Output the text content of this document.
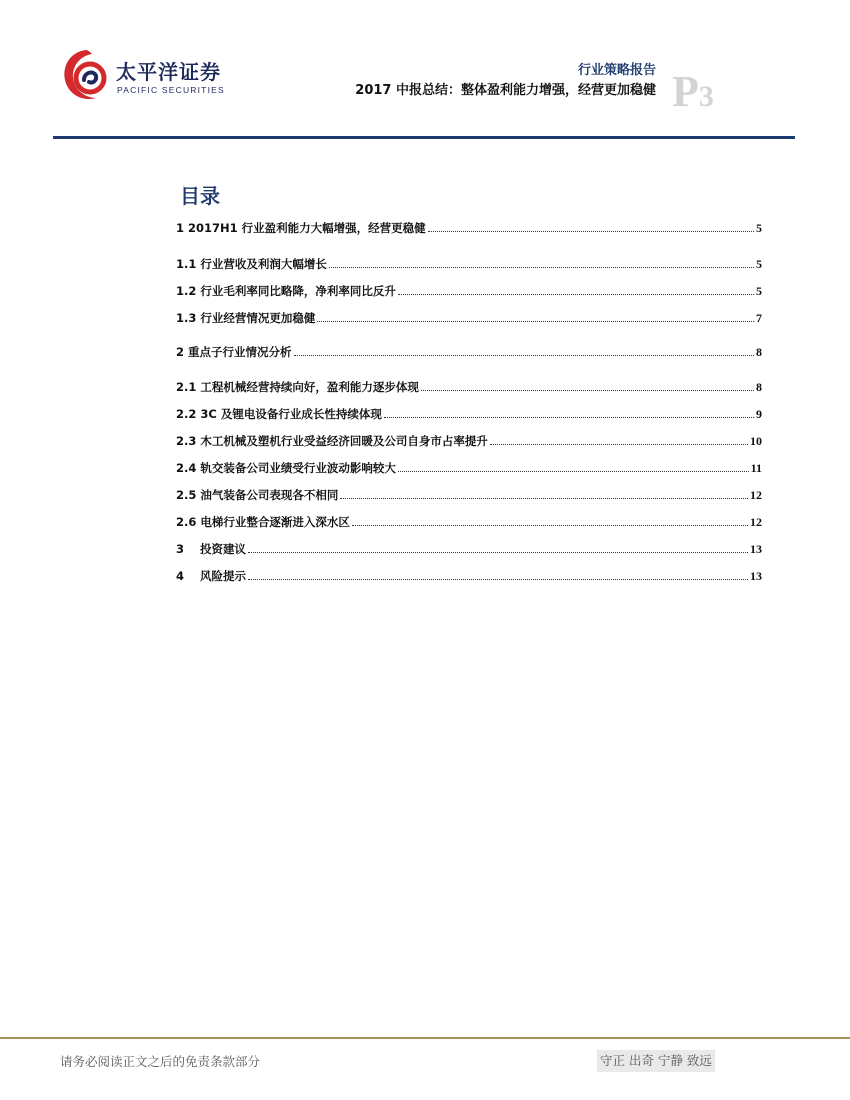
太平洋证券
PACIFIC SECURITIES
行业策略报告
2017 中报总结：整体盈利能力增强，经营更加稳健 P3
目录
1 2017H1 行业盈利能力大幅增强，经营更稳健	5
1.1 行业营收及利润大幅增长	5
1.2 行业毛利率同比略降，净利率同比反升	5
1.3 行业经营情况更加稳健	7
2 重点子行业情况分析	8
2.1 工程机械经营持续向好，盈利能力逐步体现	8
2.2 3C 及锂电设备行业成长性持续体现	9
2.3 木工机械及塑机行业受益经济回暖及公司自身市占率提升	10
2.4 轨交装备公司业绩受行业波动影响较大	11
2.5 油气装备公司表现各不相同	12
2.6 电梯行业整合逐渐进入深水区	12
3    投资建议	13
4    风险提示	13
请务必阅读正文之后的免责条款部分	守正 出奇 宁静 致远
